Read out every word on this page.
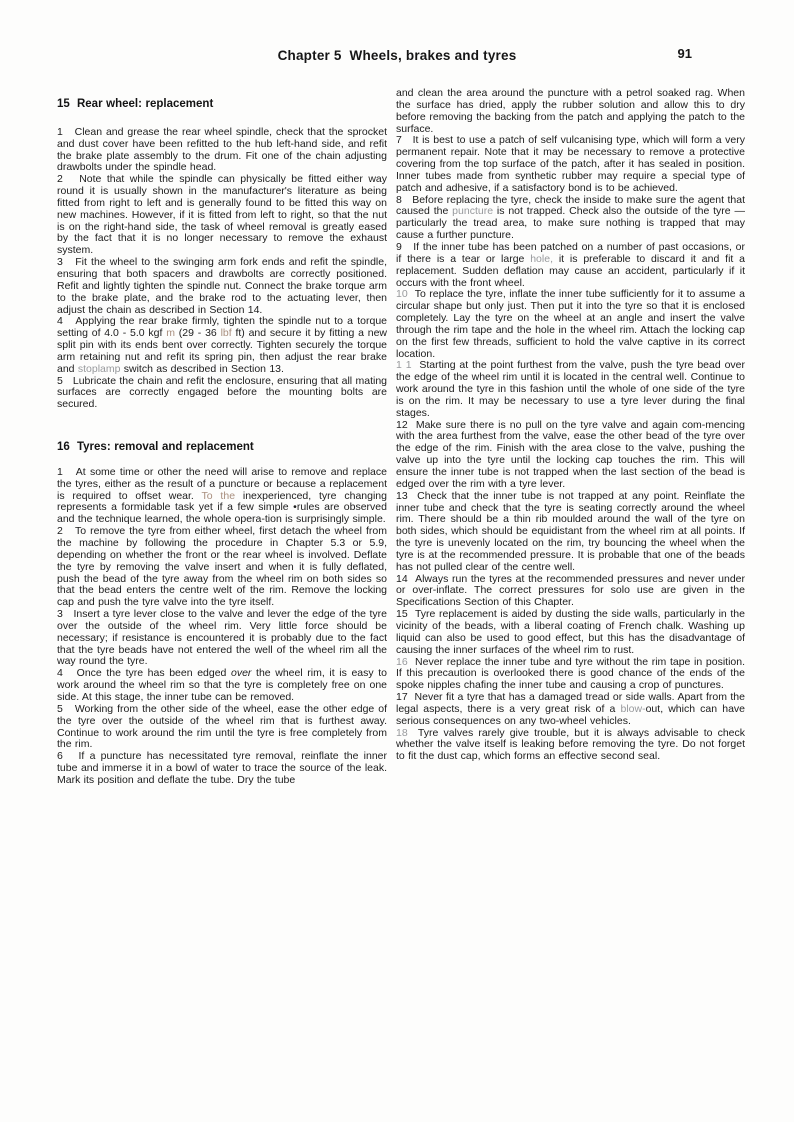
Chapter 5  Wheels, brakes and tyres	91
15  Rear wheel: replacement
1   Clean and grease the rear wheel spindle, check that the sprocket and dust cover have been refitted to the hub left-hand side, and refit the brake plate assembly to the drum. Fit one of the chain adjusting drawbolts under the spindle head.
2   Note that while the spindle can physically be fitted either way round it is usually shown in the manufacturer's literature as being fitted from right to left and is generally found to be fitted this way on new machines. However, if it is fitted from left to right, so that the nut is on the right-hand side, the task of wheel removal is greatly eased by the fact that it is no longer necessary to remove the exhaust system.
3   Fit the wheel to the swinging arm fork ends and refit the spindle, ensuring that both spacers and drawbolts are correctly positioned. Refit and lightly tighten the spindle nut. Connect the brake torque arm to the brake plate, and the brake rod to the actuating lever, then adjust the chain as described in Section 14.
4   Applying the rear brake firmly, tighten the spindle nut to a torque setting of 4.0 - 5.0 kgf m (29 - 36 lbf ft) and secure it by fitting a new split pin with its ends bent over correctly. Tighten securely the torque arm retaining nut and refit its spring pin, then adjust the rear brake and stoplamp switch as described in Section 13.
5   Lubricate the chain and refit the enclosure, ensuring that all mating surfaces are correctly engaged before the mounting bolts are secured.
16  Tyres: removal and replacement
1   At some time or other the need will arise to remove and replace the tyres, either as the result of a puncture or because a replacement is required to offset wear. To the inexperienced, tyre changing represents a formidable task yet if a few simple •rules are observed and the technique learned, the whole opera-tion is surprisingly simple.
2   To remove the tyre from either wheel, first detach the wheel from the machine by following the procedure in Chapter 5.3 or 5.9, depending on whether the front or the rear wheel is involved. Deflate the tyre by removing the valve insert and when it is fully deflated, push the bead of the tyre away from the wheel rim on both sides so that the bead enters the centre welt of the rim. Remove the locking cap and push the tyre valve into the tyre itself.
3   Insert a tyre lever close to the valve and lever the edge of the tyre over the outside of the wheel rim. Very little force should be necessary; if resistance is encountered it is probably due to the fact that the tyre beads have not entered the well of the wheel rim all the way round the tyre.
4   Once the tyre has been edged over the wheel rim, it is easy to work around the wheel rim so that the tyre is completely free on one side. At this stage, the inner tube can be removed.
5   Working from the other side of the wheel, ease the other edge of the tyre over the outside of the wheel rim that is furthest away. Continue to work around the rim until the tyre is free completely from the rim.
6   If a puncture has necessitated tyre removal, reinflate the inner tube and immerse it in a bowl of water to trace the source of the leak. Mark its position and deflate the tube. Dry the tube
and clean the area around the puncture with a petrol soaked rag. When the surface has dried, apply the rubber solution and allow this to dry before removing the backing from the patch and applying the patch to the surface.
7   It is best to use a patch of self vulcanising type, which will form a very permanent repair. Note that it may be necessary to remove a protective covering from the top surface of the patch, after it has sealed in position. Inner tubes made from synthetic rubber may require a special type of patch and adhesive, if a satisfactory bond is to be achieved.
8   Before replacing the tyre, check the inside to make sure the agent that caused the puncture is not trapped. Check also the outside of the tyre — particularly the tread area, to make sure nothing is trapped that may cause a further puncture.
9   If the inner tube has been patched on a number of past occasions, or if there is a tear or large hole, it is preferable to discard it and fit a replacement. Sudden deflation may cause an accident, particularly if it occurs with the front wheel.
10  To replace the tyre, inflate the inner tube sufficiently for it to assume a circular shape but only just. Then put it into the tyre so that it is enclosed completely. Lay the tyre on the wheel at an angle and insert the valve through the rim tape and the hole in the wheel rim. Attach the locking cap on the first few threads, sufficient to hold the valve captive in its correct location.
1 1  Starting at the point furthest from the valve, push the tyre bead over the edge of the wheel rim until it is located in the central well. Continue to work around the tyre in this fashion until the whole of one side of the tyre is on the rim. It may be necessary to use a tyre lever during the final stages.
12  Make sure there is no pull on the tyre valve and again com-mencing with the area furthest from the valve, ease the other bead of the tyre over the edge of the rim. Finish with the area close to the valve, pushing the valve up into the tyre until the locking cap touches the rim. This will ensure the inner tube is not trapped when the last section of the bead is edged over the rim with a tyre lever.
13  Check that the inner tube is not trapped at any point. Reinflate the inner tube and check that the tyre is seating correctly around the wheel rim. There should be a thin rib moulded around the wall of the tyre on both sides, which should be equidistant from the wheel rim at all points. If the tyre is unevenly located on the rim, try bouncing the wheel when the tyre is at the recommended pressure. It is probable that one of the beads has not pulled clear of the centre well.
14  Always run the tyres at the recommended pressures and never under or over-inflate. The correct pressures for solo use are given in the Specifications Section of this Chapter.
15  Tyre replacement is aided by dusting the side walls, particularly in the vicinity of the beads, with a liberal coating of French chalk. Washing up liquid can also be used to good effect, but this has the disadvantage of causing the inner surfaces of the wheel rim to rust.
16  Never replace the inner tube and tyre without the rim tape in position. If this precaution is overlooked there is good chance of the ends of the spoke nipples chafing the inner tube and causing a crop of punctures.
17  Never fit a tyre that has a damaged tread or side walls. Apart from the legal aspects, there is a very great risk of a blow-out, which can have serious consequences on any two-wheel vehicles.
18  Tyre valves rarely give trouble, but it is always advisable to check whether the valve itself is leaking before removing the tyre. Do not forget to fit the dust cap, which forms an effective second seal.
